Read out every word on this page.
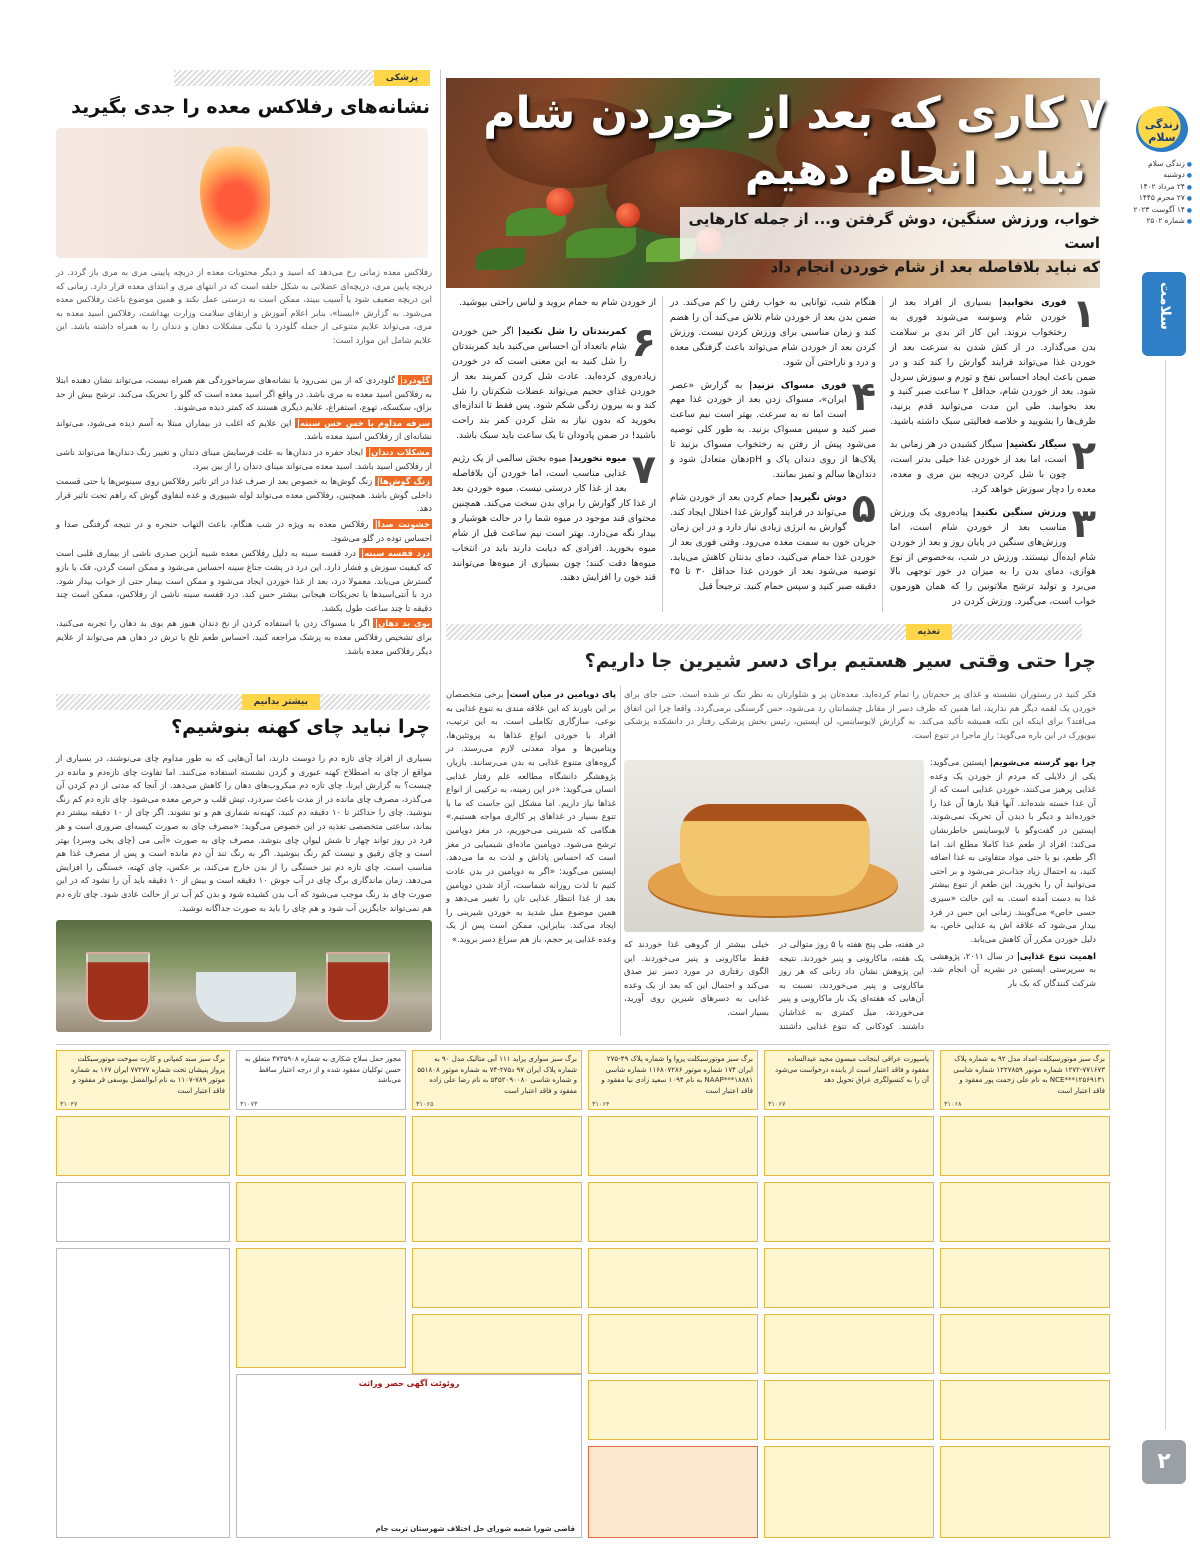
زندگی سلام
● زندگی سلام
● دوشنبه
● ۲۴ مرداد ۱۴۰۲
● ۲۷ محرم ۱۴۴۵
● ۱۴ آگوست ۲۰۲۳
● شماره ۲۵۰۲
سلامت
۲
۷ کاری که بعد از خوردن شام
نباید انجام دهیم

خواب، ورزش سنگین، دوش گرفتن و... از جمله کارهایی است

که نباید بلافاصله بعد از شام خوردن انجام داد

۱
فوری نخوابید| بسیاری از افراد بعد از خوردن شام وسوسه می‌شوند فوری به رختخواب بروند. این کار اثر بدی بر سلامت بدن می‌گذارد. در از کش شدن به سرعت بعد از خوردن غذا می‌تواند فرایند گوارش را کند کند و در ضمن باعث ایجاد احساس نفخ و تورم و سوزش سردل شود. بعد از خوردن شام، حداقل ۲ ساعت صبر کنید و بعد بخوابید. طی این مدت می‌توانید قدم بزنید، ظرف‌ها را بشویید و خلاصه فعالیتی سبک داشته باشید.
۲
سیگار نکشید| سیگار کشیدن در هر زمانی بد است، اما بعد از خوردن غذا خیلی بدتر است، چون با شل کردن دریچه بین مری و معده، معده را دچار سوزش خواهد کرد.
۳
ورزش سنگین نکنید| پیاده‌روی یک ورزش مناسب بعد از خوردن شام است، اما ورزش‌های سنگین در پایان روز و بعد از خوردن شام ایده‌آل نیستند. ورزش در شب، به‌خصوص از نوع هوازی، دمای بدن را به میزان در خور توجهی بالا می‌برد و تولید ترشح ملاتونین را که همان هورمون خواب است، می‌گیرد. ورزش کردن در
هنگام شب، توانایی به خواب رفتن را کم می‌کند. در ضمن بدن بعد از خوردن شام تلاش می‌کند آن را هضم کند و زمان مناسبی برای ورزش کردن نیست. ورزش کردن بعد از خوردن شام می‌تواند باعث گرفتگی معده و درد و ناراحتی آن شود.
۴
فوری مسواک نزنید| به گزارش «عصر ایران»، مسواک زدن بعد از خوردن غذا مهم است اما نه به سرعت. بهتر است نیم ساعت صبر کنید و سپس مسواک بزنید. به طور کلی توصیه می‌شود پیش از رفتن به رختخواب مسواک بزنید تا پلاک‌ها از روی دندان پاک و pHدهان متعادل شود و دندان‌ها سالم و تمیز بمانند.
۵
دوش نگیرید| حمام کردن بعد از خوردن شام می‌تواند در فرایند گوارش غذا اختلال ایجاد کند. گوارش به انرژی زیادی نیاز دارد و در این زمان جریان خون به سمت معده می‌رود. وقتی فوری بعد از خوردن غذا حمام می‌کنید، دمای بدنتان کاهش می‌یابد. توصیه می‌شود بعد از خوردن غذا حداقل ۳۰ تا ۴۵ دقیقه صبر کنید و سپس حمام کنید. ترجیحاً قبل
از خوردن شام به حمام بروید و لباس راحتی بپوشید.
۶
کمربندتان را شل نکنید| اگر حین خوردن شام باتعداد آن احساس می‌کنید باید کمربندتان را شل کنید به این معنی است که در خوردن زیاده‌روی کرده‌اید. عادت شل کردن کمربند بعد از خوردن غذای حجیم می‌تواند عضلات شکم‌تان را شل کند و به بیرون زدگی شکم شود. پس فقط تا اندازه‌ای بخورید که بدون نیاز به شل کردن کمر بند راحت باشید! در ضمن پادودان تا یک ساعت باید سبک باشد.
۷
میوه نخورید| میوه بخش سالمی از یک رژیم غذایی مناسب است، اما خوردن آن بلافاصله بعد از غذا کار درستی نیست. میوه خوردن بعد از غذا کار گوارش را برای بدن سخت می‌کند. همچنین محتوای قند موجود در میوه شما را در حالت هوشیار و بیدار نگه می‌دارد. بهتر است نیم ساعت قبل از شام میوه بخورید. افرادی که دیابت دارند باید در انتخاب میوه‌ها دقت کنند؛ چون بسیاری از میوه‌ها می‌توانند قند خون را افزایش دهند.
پزشکی
نشانه‌های رفلاکس معده را جدی بگیرید
رفلاکس معده زمانی رخ می‌دهد که اسید و دیگر محتویات معده از دریچه پایینی مری به مری باز گردد. در دریچه پایین مری، دریچه‌ای عضلانی به شکل حلقه است که در انتهای مری و ابتدای معده قرار دارد. زمانی که این دریچه ضعیف شود یا آسیب ببیند، ممکن است به درستی عمل نکند و همین موضوع باعث رفلاکس معده می‌شود. به گزارش «ایسنا»، بنابر اعلام آموزش و ارتقای سلامت وزارت بهداشت، رفلاکس اسید معده به مری، می‌تواند علایم متنوعی از جمله گلودرد یا تنگی مشکلات دهان و دندان را به همراه داشته باشد. این علایم شامل این موارد است:
گلودرد| گلودردی که از بین نمی‌رود یا نشانه‌های سرماخوردگی هم همراه نیست، می‌تواند نشان دهنده ابتلا به رفلاکس اسید معده به مری باشد. در واقع اگر اسید معده است که گلو را تحریک می‌کند. ترشح بیش از حد بزاق، سکسکه، تهوع، استفراغ، علایم دیگری هستند که کمتر دیده می‌شوند.
سرفه مداوم یا خس خس سینه| این علایم که اغلب در بیماران مبتلا به آسم دیده می‌شود، می‌تواند نشانه‌ای از رفلاکس اسید معده باشد.
مشکلات دندان| ایجاد حفره در دندان‌ها به علت فرسایش مینای دندان و تغییر رنگ دندان‌ها می‌تواند ناشی از رفلاکس اسید باشد. اسید معده می‌تواند مینای دندان را از بین ببرد.
زنگ گوش‌ها| زنگ گوش‌ها به خصوص بعد از صرف غذا در اثر تاثیر رفلاکس روی سینوس‌ها یا حتی قسمت داخلی گوش باشد. همچنین، رفلاکس معده می‌تواند لوله شیپوری و غده لنفاوی گوش که راهم تحت تاثیر قرار دهد.
خشونت صدا| رفلاکس معده به ویژه در شب هنگام، باعث التهاب حنجره و در نتیجه گرفتگی صدا و احساس توده در گلو می‌شود.
درد قفسه سینه| درد قفسه سینه به دلیل رفلاکس معده شبیه آنژین صدری ناشی از بیماری قلبی است که کیفیت سوزش و فشار دارد. این درد در پشت جناغ سینه احساس می‌شود و ممکن است گردن، فک یا بازو گسترش می‌یابد. معمولا درد، بعد از غذا خوردن ایجاد می‌شود و ممکن است بیمار حتی از خواب بیدار شود. درد با آنتی‌اسیدها یا تحریکات هیجانی بیشتر حس کند. درد قفسه سینه ناشی از رفلاکس، ممکن است چند دقیقه تا چند ساعت طول بکشد.
بوی بد دهان| اگر با مسواک زدن یا استفاده کردن از نخ دندان هنوز هم بوی بد دهان را تجربه می‌کنید، برای تشخیص رفلاکس معده به پزشک مراجعه کنید. احساس طعم تلخ یا ترش در دهان هم می‌تواند از علایم دیگر رفلاکس معده باشد.
تغذیه
چرا حتی وقتی سیر هستیم برای دسر شیرین جا داریم؟
فکر کنید در رستوران نشسته و غذای پر حجم‌تان را تمام کرده‌اید. معده‌تان پر و شلوارتان به نظر تنگ تر شده است. حتی جای برای خوردن یک لقمه دیگر هم ندارید، اما همین که ظرف دسر از مقابل چشمانتان رد می‌شود، حس گرسنگی برمی‌گردد. واقعا چرا این اتفاق می‌افتد؟ برای اینکه این نکته همیشه تأکید می‌کند. به گزارش لایوساینس، لن اپستین، رئیس بخش پزشکی رفتار در دانشکده پزشکی نیویورک در این باره می‌گوید: رازِ ماجرا در تنوع است.
چرا بهو گرسنه می‌شویم| اپستین می‌گوید: یکی از دلایلی که مردم از خوردن یک وعده غذایی پرهیز می‌کنند، خوردن غذایی است که از آن غذا خسته شده‌اند. آنها قبلا بارها آن غذا را خورده‌اند و دیگر با دیدن آن تحریک نمی‌شوند. اپستین در گفت‌وگو با لایوساینس خاطرنشان می‌کند: افراد از طعم غذا کاملا مطلع اند. اما اگر طعم، بو یا حتی مواد متفاوتی به غذا اضافه کنید، به احتمال زیاد جذاب‌تر می‌شود و بر احتی می‌توانید آن را بخورید. این طعم از تنوع بیشتر غذا به دست آمده است. به این حالت «سیری حسی خاص» می‌گویند. زمانی این حس در فرد بیدار می‌شود که علاقه اش به غذایی خاص، به دلیل خوردن مکرر آن کاهش می‌یابد.
اهمیت تنوع غذایی| در سال ۲۰۱۱، پژوهشی به سرپرستی اپستین در نشریه آن انجام شد. شرکت کنندگان که یک بار
در هفته، طی پنج هفته یا ۵ روز متوالی در یک هفته، ماکارونی و پنیر خوردند. نتیجه این پژوهش نشان داد زنانی که هر روز ماکارونی و پنیر می‌خوردند، نسبت به آن‌هایی که هفته‌ای یک بار ماکارونی و پنیر می‌خوردند، میل کمتری به غذاشان داشتند. کودکانی که تنوع غذایی داشتند خیلی بیشتر از گروهی غذا خوردند که فقط ماکارونی و پنیر می‌خوردند. این الگوی رفتاری در مورد دسر نیز صدق می‌کند و احتمال این که بعد از یک وعده غذایی به دسرهای شیرین روی آورید، بسیار است.
پای دوپامین در میان است| برخی متخصصان بر این باورند که این علاقه مندی به تنوع غذایی به نوعی، سازگاری تکاملی است. به این ترتیب، افراد با خوردن انواع غذاها به پروتئین‌ها، ویتامین‌ها و مواد معدنی لازم می‌رسند. در گروه‌های متنوع غذایی به بدن می‌رسانند. بازیار، پژوهشگر دانشگاه مطالعه علم رفتار غذایی انسان می‌گوید: «در این زمینه، به ترکیبی از انواع غذاها نیاز داریم. اما مشکل این جاست که ما با تنوع بسیار در غذاهای پر کالری مواجه هستیم.» هنگامی که شیرینی می‌خوریم، در مغز دوپامین ترشح می‌شود. دوپامین ماده‌ای شیمیایی در مغز است که احساس پاداش و لذت به ما می‌دهد. اپستین می‌گوید: «اگر به دوپامین در بدن عادت کنیم تا لذت روزانه شماست، آزاد شدن دوپامین بعد از غذا انتظار غذایی تان را تغییر می‌دهد و همین موضوع میل شدید به خوردن شیرینی را ایجاد می‌کند. بنابراین، ممکن است پس از یک وعده غذایی پر حجم، باز هم سراغ دسر بروید.»
بیشتر بدانیم
چرا نباید چای کهنه بنوشیم؟
بسیاری از افراد چای تازه دم را دوست دارند، اما آن‌هایی که به طور مداوم چای می‌نوشند، در بسیاری از مواقع از چای به اصطلاح کهنه عبوری و گردن نشسته استفاده می‌کنند. اما تفاوت چای تازه‌دم و مانده در چیست؟ به گزارش ایرنا، چای تازه دم میکروب‌های دهان را کاهش می‌دهد. از آنجا که مدتی از دم کردن آن می‌گذرد، مصرف چای مانده در از مدت باعث سردرد، تپش قلب و حرص معده می‌شود. چای تازه دم کم رنگ بنوشید. چای را حداکثر تا ۱۰ دقیقه دم کنید، کهنه‌نه شماری هم و تو نشوند. اگر چای از ۱۰ دقیقه بیشتر دم بماند، ساعتی متخصصی تغذیه در این خصوص می‌گوید: «مصرف چای به صورت کیسه‌ای ضروری است و هر فرد در روز تواند چهار تا شش لیوان چای بنوشد. مصرف چای به صورت «آبی می (چای یخی وسرد) بهتر است و چای رقیق و نیست کم رنگ بنوشید. اگر به رنگ تند آن دم مانده است و پس از مصرف غذا هم مناسب است. چای تازه دم نیز خستگی را از بدن خارج می‌کند، بر عکس، چای کهنه، خستگی را افزایش می‌دهد. زمان ماندگاری برگ چای در آب جوش ۱۰ دقیقه است و بیش از ۱۰ دقیقه باید آن را نشود که در این صورت چای بد رنگ موجب می‌شود که آب بدن کشیده شود و بدن کم آب تر از حالت عادی شود. چای تازه دم هم نمی‌تواند جایگزین آب شود و هم چای را باید به صورت جداگانه نوشید.

برگ سبز موتورسیکلت امداد مدل ۹۲ به شماره پلاک ۷۷۱۶۷۳-۱۲۷۲ شماره موتور ۱۲۲۷۸۵۹ شماره شاسی NCE***۱۲۵۶۹۱۴۱ به نام علی زحمت پور مفقود و فاقد اعتبار است

۳۱۰۶۸

پاسپورت عراقی اینجانب میسون مجید عبدالساده مفقود و فاقد اعتبار است از یابنده درخواست می‌شود آن را به کنسولگری عراق تحویل دهد

۳۱۰۶۷

برگ سبز موتورسیکلت پروا وا شماره پلاک ۴۹-۲۷۵ ایران ۱۷۴ شماره موتور ۱۱۶۸۰۷۲۸۶ شماره شاسی NAAP***۱۸۸۸۱ به نام ۱۰۹۴ سعید زادی نیا مفقود و فاقد اعتبار است

۳۱۰۶۴

برگ سبز سواری پراید ۱۱۱ آبی متالیک مدل ۹۰ به شماره پلاک ایران ۹۷ د۲۷۵-۷۴ به شماره موتور ۵۵۱۸۰۸ و شماره شاسی ۵۴۵۲۰۹۰۰۸۰ به نام رضا علی زاده مفقود و فاقد اعتبار است

۳۱۰۶۵

مجوز حمل سلاح شکاری به شماره ۴۷۳۵۹۰۸ متعلق به حسن توکلیان مفقود شده و از درجه اعتبار ساقط می‌باشد

۳۱۰۷۳

برگ سبز سند کمپانی و کارت سوخت موتورسیکلت پرواز پنیشان تحت شماره ۷۷۲۷۷ ایران ۱۶۷ به شماره موتور ۷۸۹-۱۱۰۷ به نام ابوالفضل یوسفی قر مفقود و فاقد اعتبار است

۳۱۰۴۷

روئوئت آگهی حصر وراثت

قاضی شورا شعبه شورای حل اختلاف شهرستان تربت جام
